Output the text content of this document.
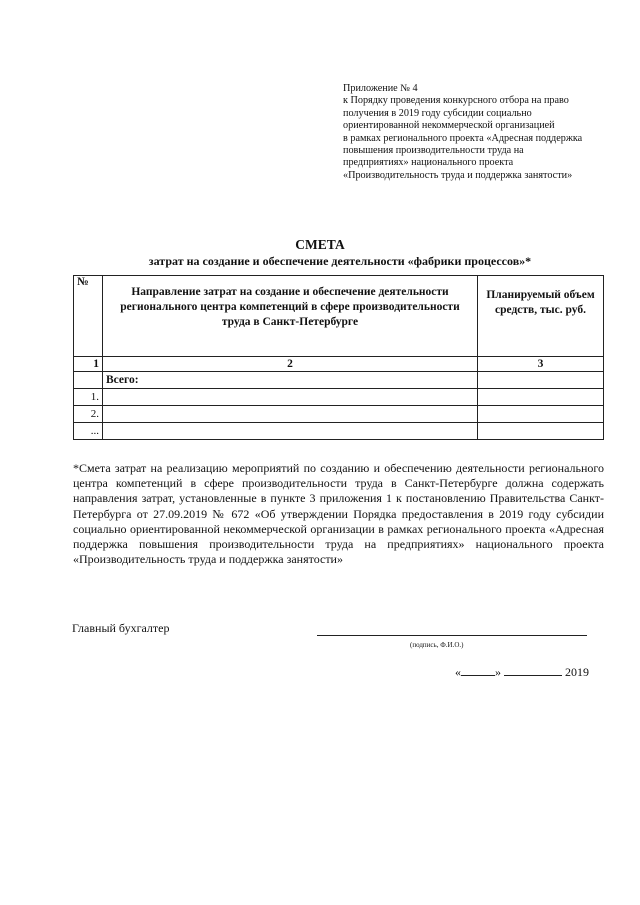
Приложение № 4
к Порядку проведения конкурсного отбора на право
получения в 2019 году субсидии социально
ориентированной некоммерческой организацией
в рамках регионального проекта «Адресная поддержка
повышения производительности труда на
предприятиях» национального проекта
«Производительность труда и поддержка занятости»
СМЕТА
затрат на создание и обеспечение деятельности «фабрики процессов»*
№	Направление затрат на создание и обеспечение деятельности регионального центра компетенций в сфере производительности труда в Санкт-Петербурге	Планируемый объем средств, тыс. руб.
1	2	3
	Всего:	
1.		
2.		
...		

*Смета затрат на реализацию мероприятий по созданию и обеспечению деятельности регионального центра компетенций в сфере производительности труда в Санкт-Петербурге должна содержать направления затрат, установленные в пункте 3 приложения 1 к постановлению Правительства Санкт-Петербурга от 27.09.2019 № 672 «Об утверждении Порядка предоставления в 2019 году субсидии социально ориентированной некоммерческой организации в рамках регионального проекта «Адресная поддержка повышения производительности труда на предприятиях» национального проекта «Производительность труда и поддержка занятости»

Главный бухгалтер
(подпись, Ф.И.О.)
«	»	2019
